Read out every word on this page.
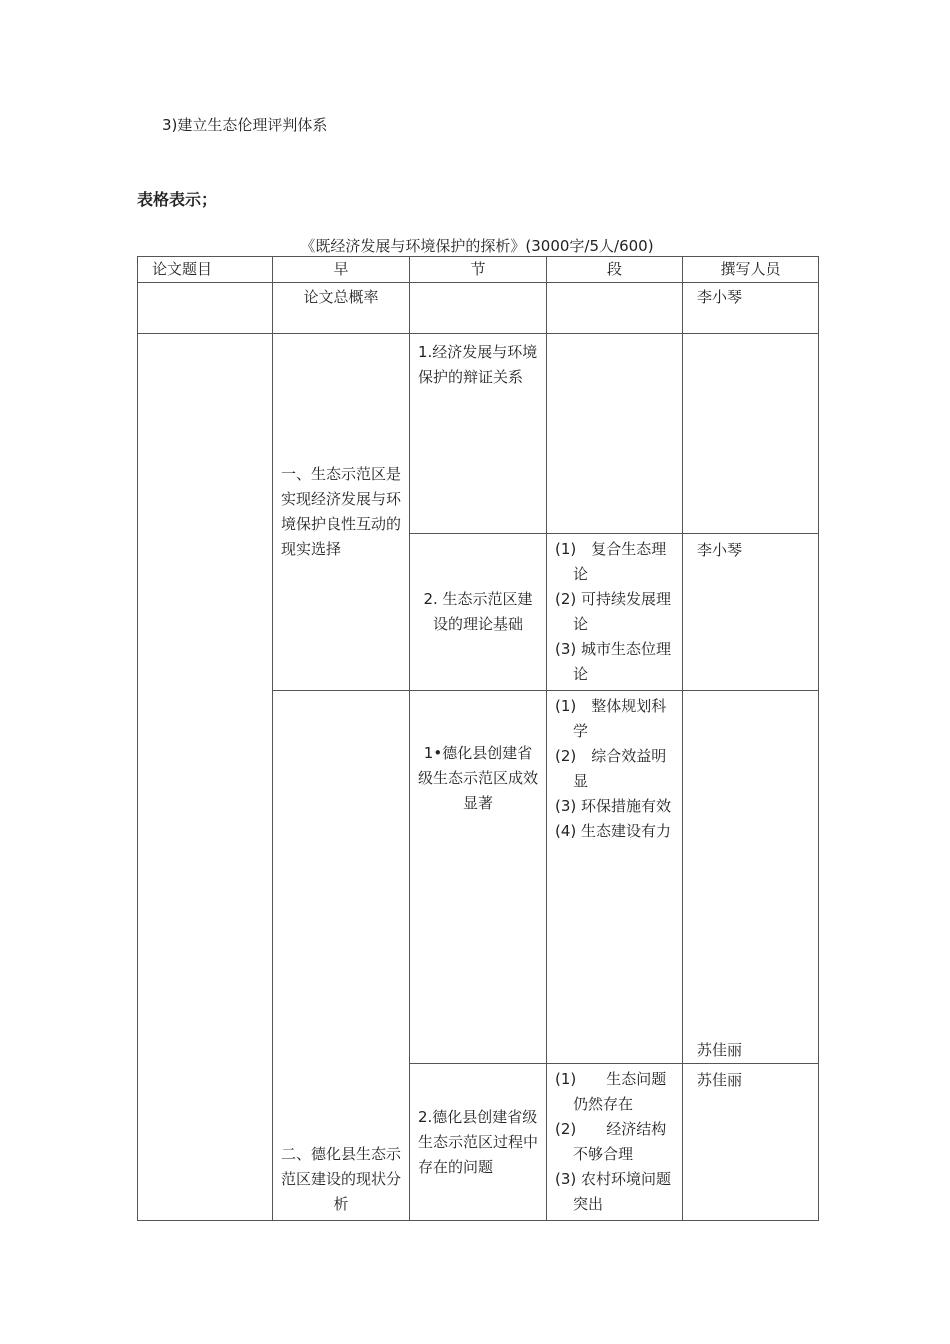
3)建立生态伦理评判体系
表格表示；
《既经济发展与环境保护的探析》(3000字/5人/600)
论文题目	早	节	段	撰写人员
	论文总概率			李小琴
	一、生态示范区是实现经济发展与环境保护良性互动的现实选择	1.经济发展与环境保护的辩证关系		
		2. 生态示范区建设的理论基础	(1)　复合生态理论
(2) 可持续发展理论
(3) 城市生态位理论	李小琴
	二、德化县生态示范区建设的现状分析	1•德化县创建省级生态示范区成效显著	(1)　整体规划科学
(2)　综合效益明显
(3) 环保措施有效
(4) 生态建设有力	苏佳丽
		2.德化县创建省级生态示范区过程中存在的问题	(1)　　生态问题仍然存在
(2)　　经济结构不够合理
(3) 农村环境问题突出	苏佳丽
